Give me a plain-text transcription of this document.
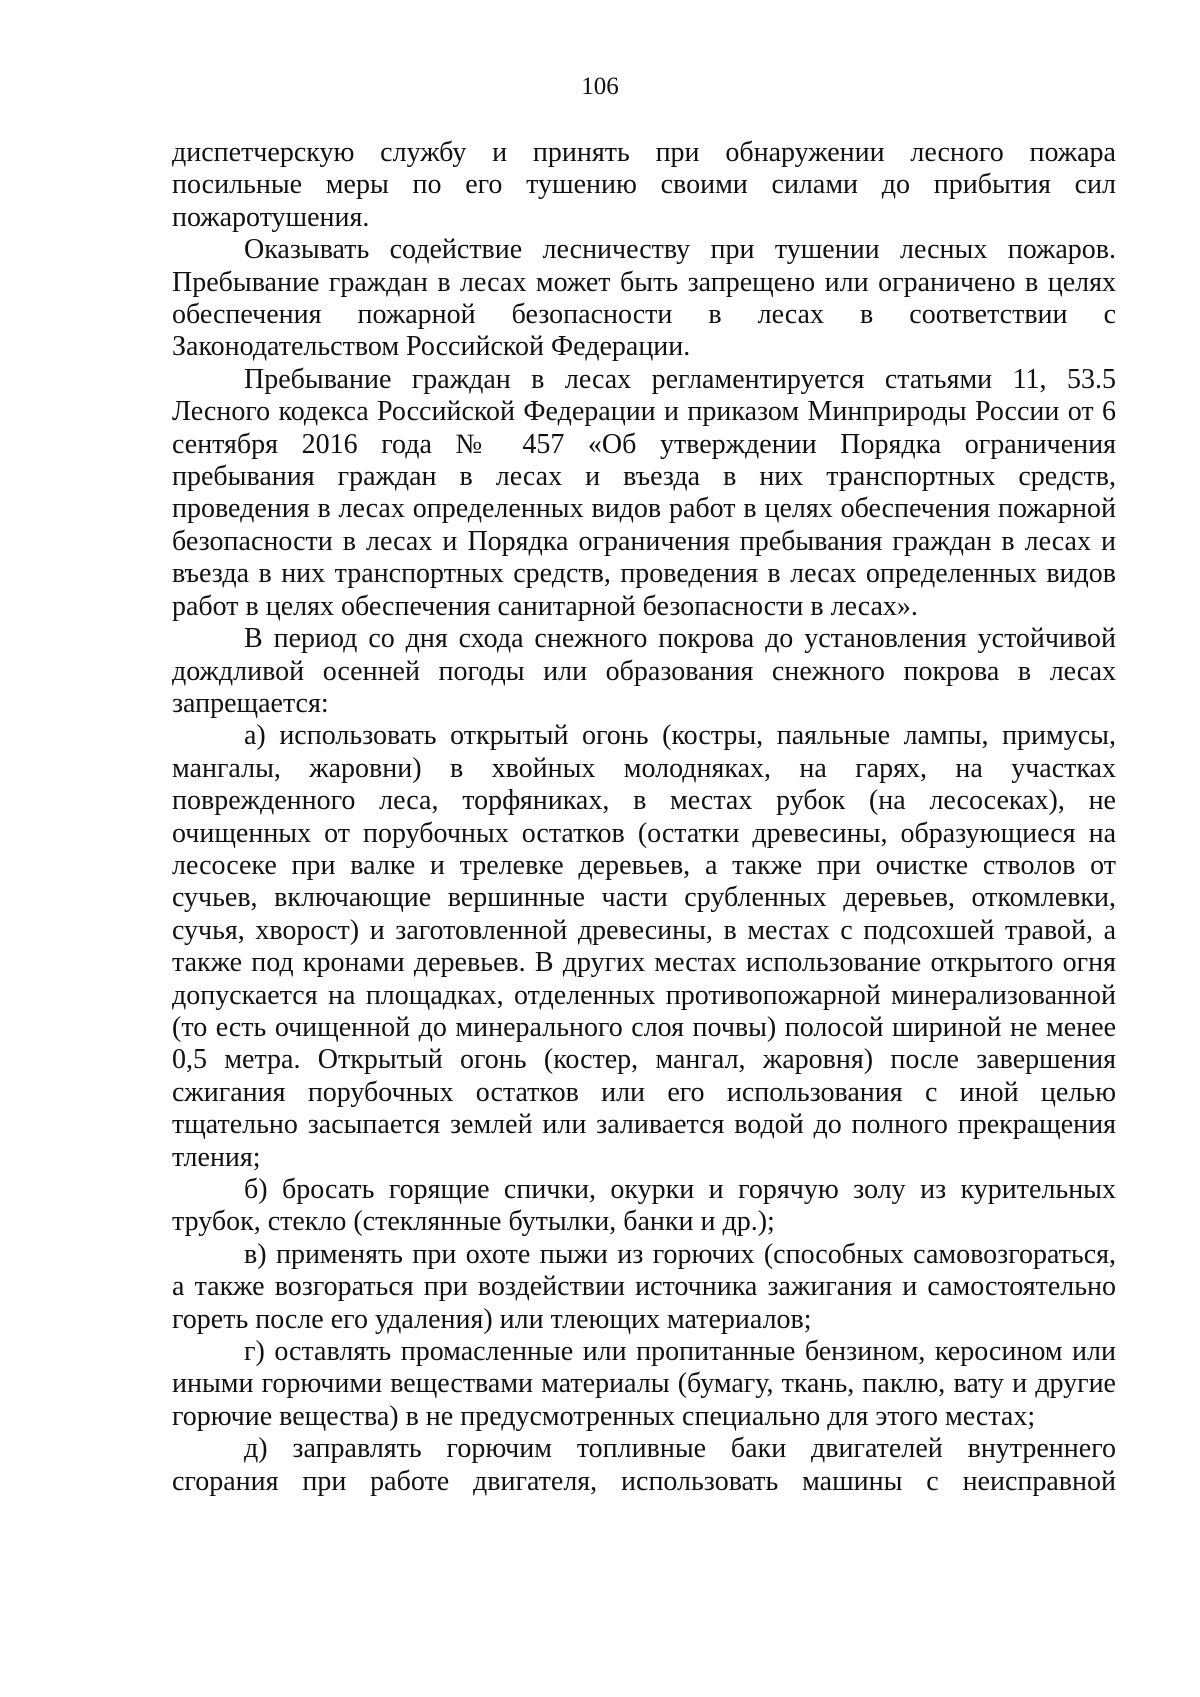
106

диспетчерскую службу и принять при обнаружении лесного пожара посильные меры по его тушению своими силами до прибытия сил пожаротушения.

Оказывать содействие лесничеству при тушении лесных пожаров. Пребывание граждан в лесах может быть запрещено или ограничено в целях обеспечения пожарной безопасности в лесах в соответствии с Законодательством Российской Федерации.

Пребывание граждан в лесах регламентируется статьями 11, 53.5 Лесного кодекса Российской Федерации и приказом Минприроды России от 6 сентября 2016 года № 457 «Об утверждении Порядка ограничения пребывания граждан в лесах и въезда в них транспортных средств, проведения в лесах определенных видов работ в целях обеспечения пожарной безопасности в лесах и Порядка ограничения пребывания граждан в лесах и въезда в них транспортных средств, проведения в лесах определенных видов работ в целях обеспечения санитарной безопасности в лесах».

В период со дня схода снежного покрова до установления устойчивой дождливой осенней погоды или образования снежного покрова в лесах запрещается:

а) использовать открытый огонь (костры, паяльные лампы, примусы, мангалы, жаровни) в хвойных молодняках, на гарях, на участках поврежденного леса, торфяниках, в местах рубок (на лесосеках), не очищенных от порубочных остатков (остатки древесины, образующиеся на лесосеке при валке и трелевке деревьев, а также при очистке стволов от сучьев, включающие вершинные части срубленных деревьев, откомлевки, сучья, хворост) и заготовленной древесины, в местах с подсохшей травой, а также под кронами деревьев. В других местах использование открытого огня допускается на площадках, отделенных противопожарной минерализованной (то есть очищенной до минерального слоя почвы) полосой шириной не менее 0,5 метра. Открытый огонь (костер, мангал, жаровня) после завершения сжигания порубочных остатков или его использования с иной целью тщательно засыпается землей или заливается водой до полного прекращения тления;

б) бросать горящие спички, окурки и горячую золу из курительных трубок, стекло (стеклянные бутылки, банки и др.);

в) применять при охоте пыжи из горючих (способных самовозгораться, а также возгораться при воздействии источника зажигания и самостоятельно гореть после его удаления) или тлеющих материалов;

г) оставлять промасленные или пропитанные бензином, керосином или иными горючими веществами материалы (бумагу, ткань, паклю, вату и другие горючие вещества) в не предусмотренных специально для этого местах;

д) заправлять горючим топливные баки двигателей внутреннего сгорания при работе двигателя, использовать машины с неисправной
